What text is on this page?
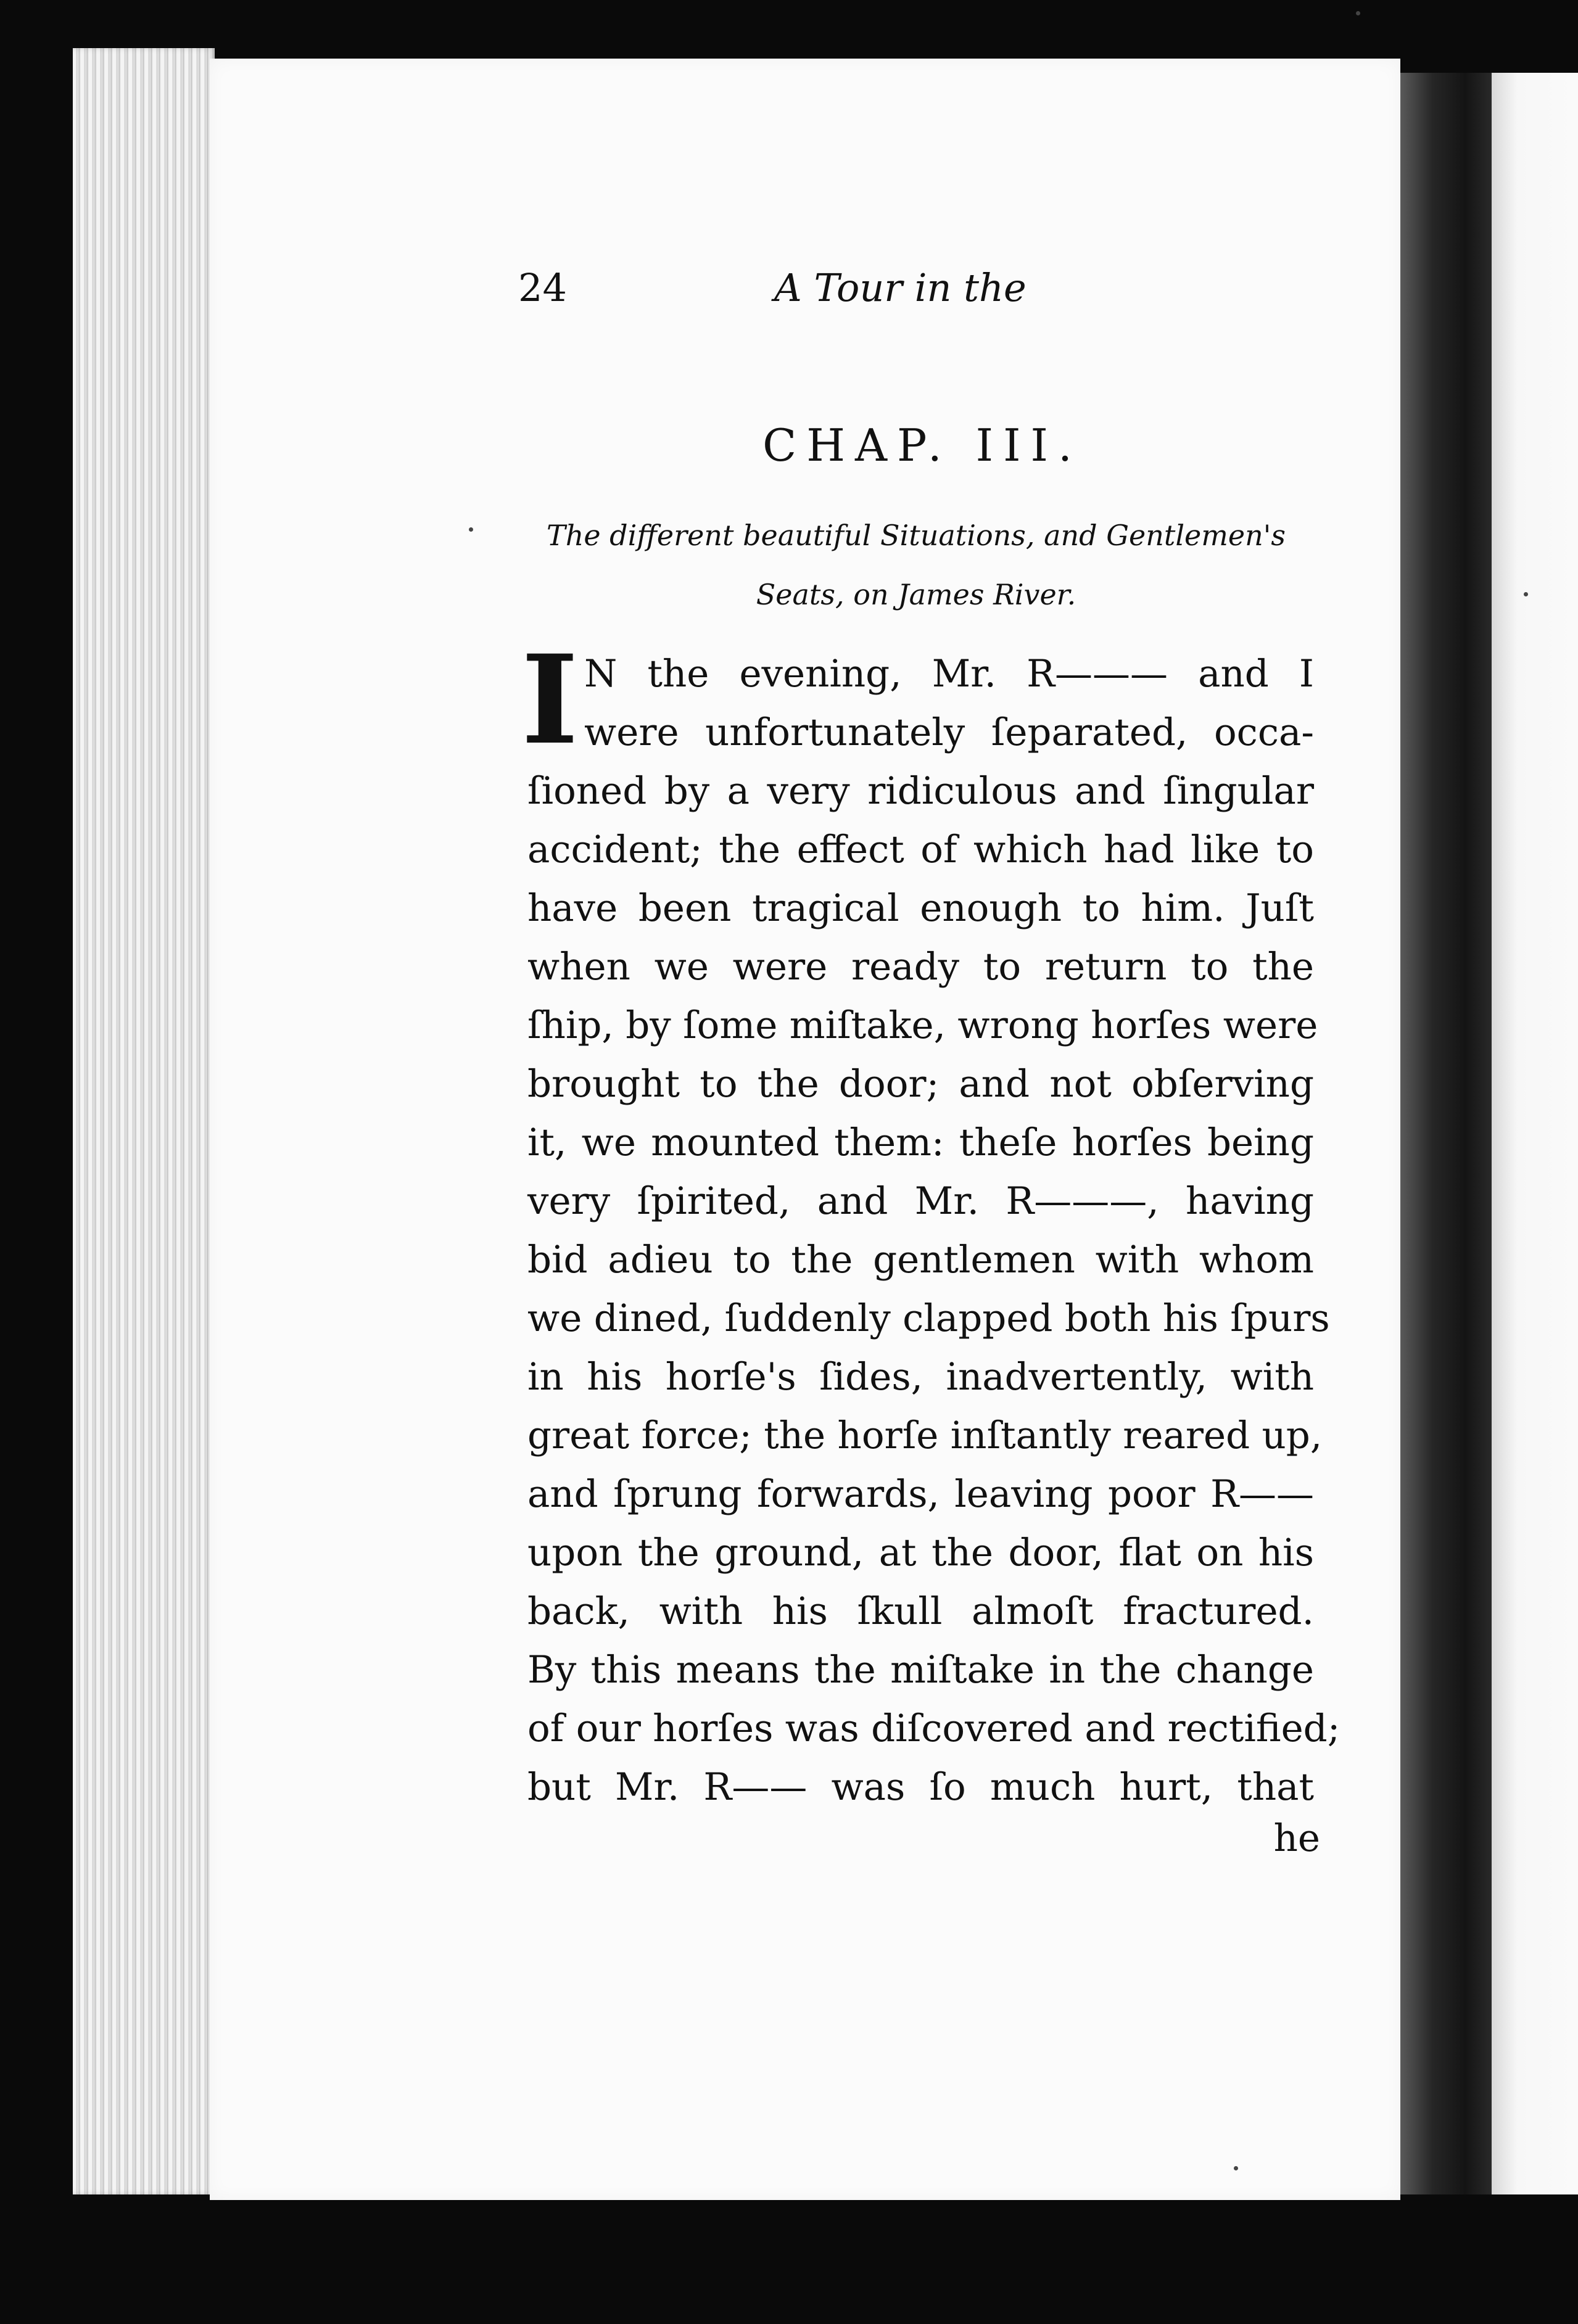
24	A Tour in the
CHAP. III.
The different beautiful Situations, and Gentlemen's
Seats, on James River.
I N the evening, Mr. R——— and I
were unfortunately ſeparated, occa-
ſioned by a very ridiculous and ſingular
accident; the effect of which had like to
have been tragical enough to him. Juſt
when we were ready to return to the
ſhip, by ſome miſtake, wrong horſes were
brought to the door; and not obſerving
it, we mounted them: theſe horſes being
very ſpirited, and Mr. R———, having
bid adieu to the gentlemen with whom
we dined, ſuddenly clapped both his ſpurs
in his horſe's ſides, inadvertently, with
great force; the horſe inſtantly reared up,
and ſprung forwards, leaving poor R——
upon the ground, at the door, flat on his
back, with his ſkull almoſt fractured.
By this means the miſtake in the change
of our horſes was diſcovered and rectified;
but Mr. R—— was ſo much hurt, that
he
